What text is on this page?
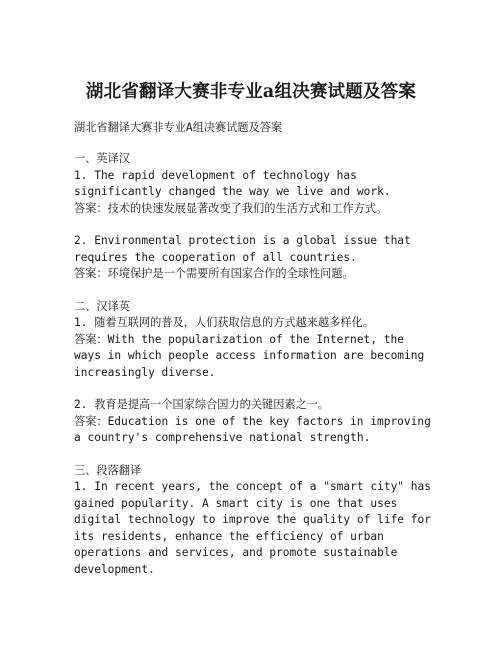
湖北省翻译大赛非专业a组决赛试题及答案

湖北省翻译大赛非专业A组决赛试题及答案

一、英译汉

1. The rapid development of technology has significantly changed the way we live and work.

答案：技术的快速发展显著改变了我们的生活方式和工作方式。

2. Environmental protection is a global issue that requires the cooperation of all countries.

答案：环境保护是一个需要所有国家合作的全球性问题。

二、汉译英

1. 随着互联网的普及，人们获取信息的方式越来越多样化。

答案：With the popularization of the Internet, the ways in which people access information are becoming increasingly diverse.

2. 教育是提高一个国家综合国力的关键因素之一。

答案：Education is one of the key factors in improving a country's comprehensive national strength.

三、段落翻译

1. In recent years, the concept of a "smart city" has gained popularity. A smart city is one that uses digital technology to improve the quality of life for its residents, enhance the efficiency of urban operations and services, and promote sustainable development.
